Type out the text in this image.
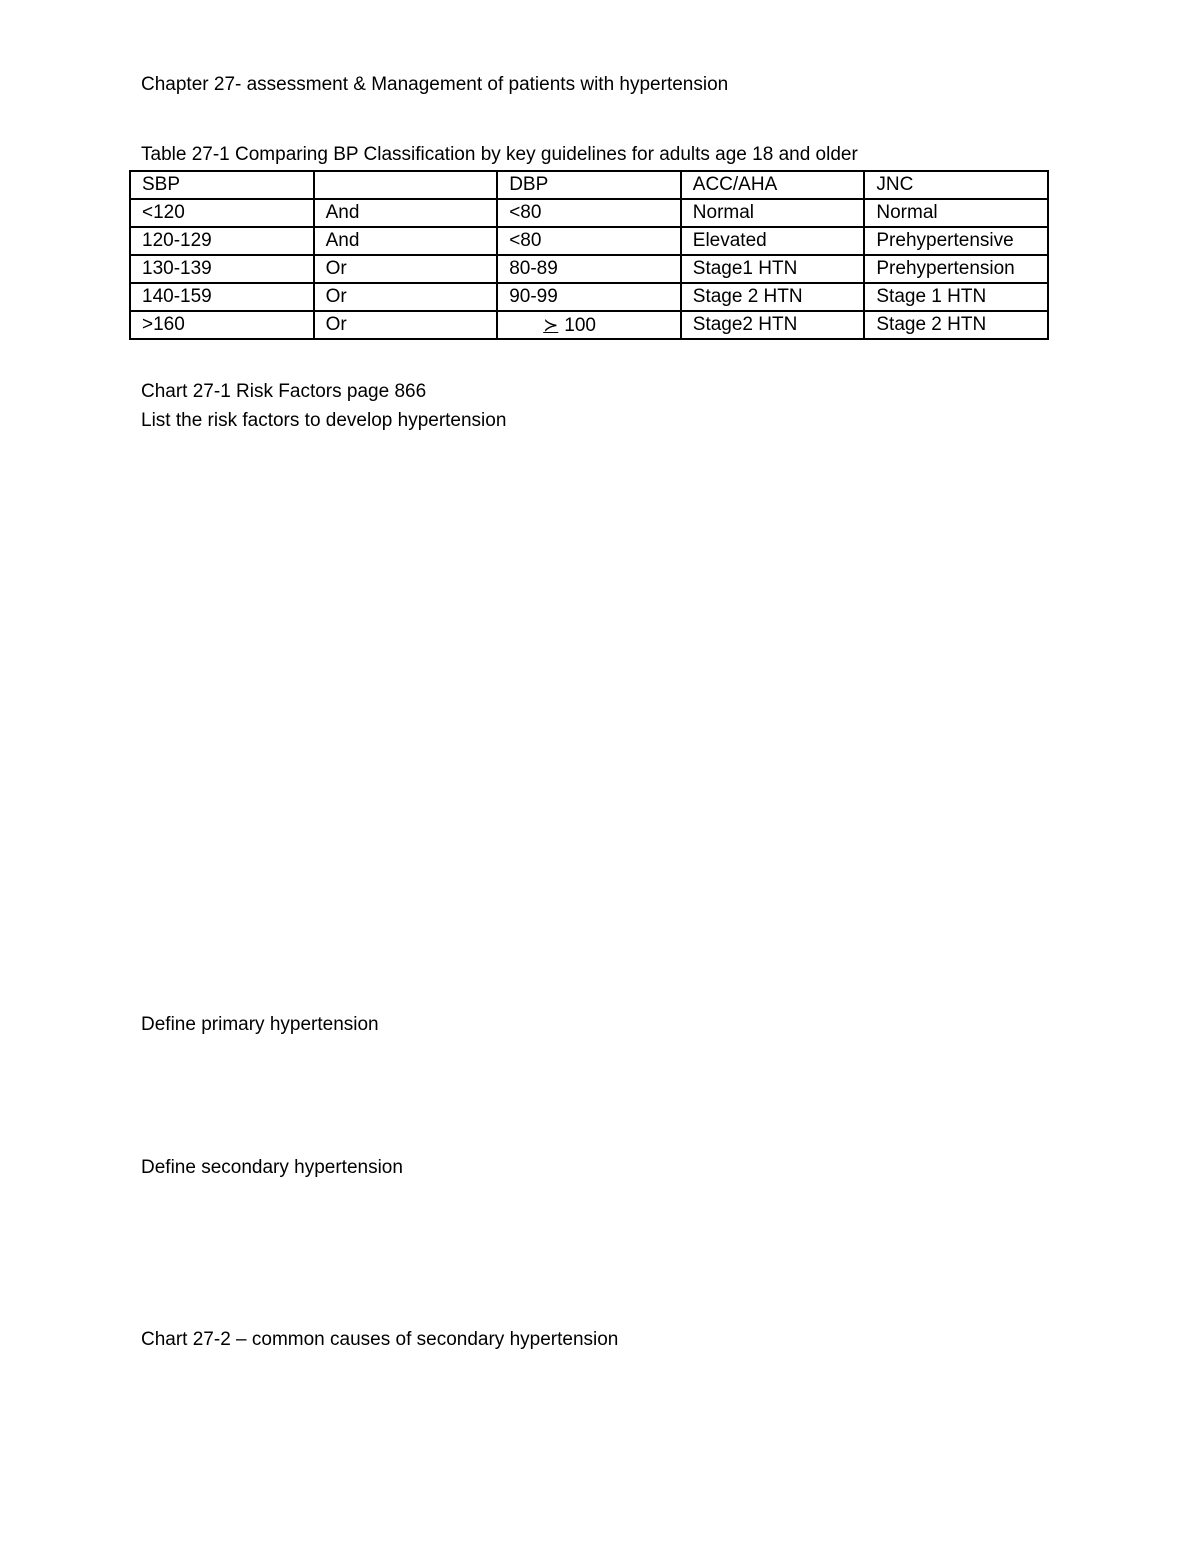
Chapter 27- assessment & Management of patients with hypertension
Table 27-1 Comparing BP Classification by key guidelines for adults age 18 and older
SBP		DBP	ACC/AHA	JNC
<120	And	<80	Normal	Normal
120-129	And	<80	Elevated	Prehypertensive
130-139	Or	80-89	Stage1 HTN	Prehypertension
140-159	Or	90-99	Stage 2 HTN	Stage 1 HTN
>160	Or	≻ 100	Stage2 HTN	Stage 2 HTN
Chart 27-1 Risk Factors page 866
List the risk factors to develop hypertension
Define primary hypertension
Define secondary hypertension
Chart 27-2 – common causes of secondary hypertension
